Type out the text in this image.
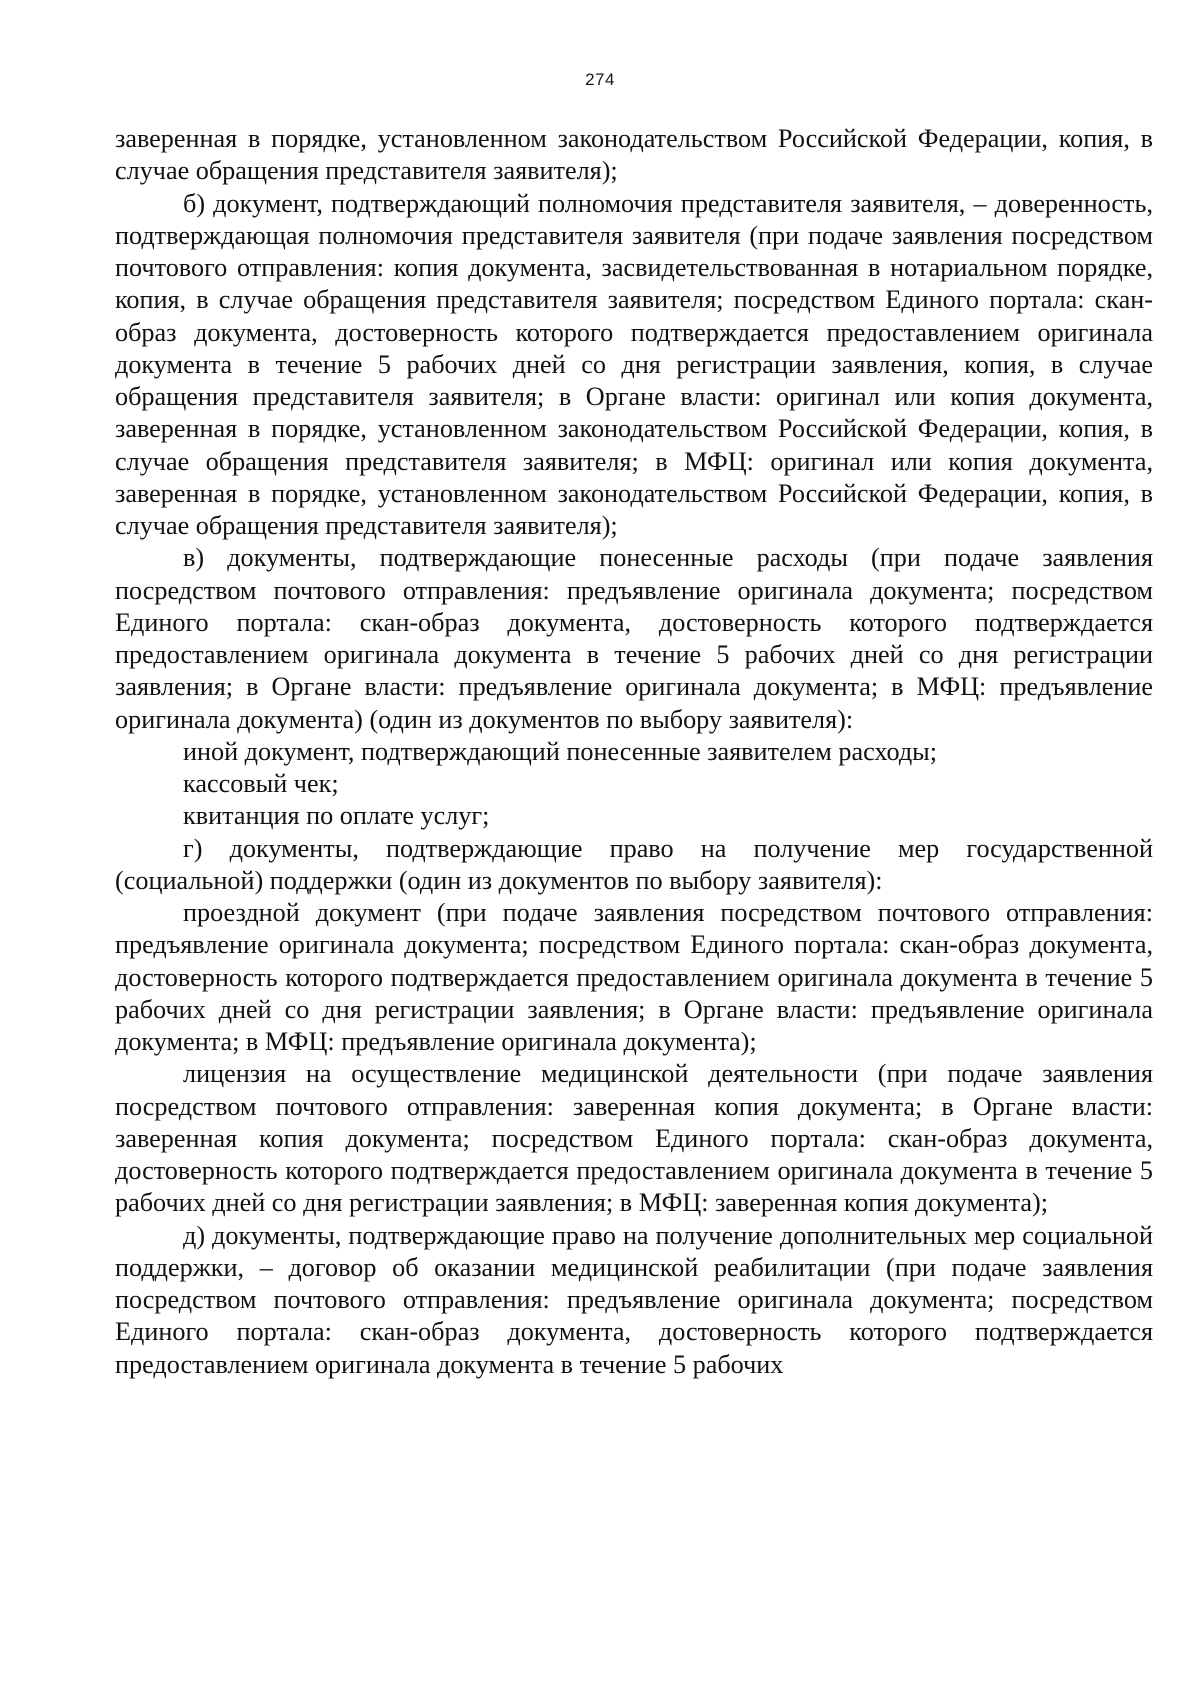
274

заверенная в порядке, установленном законодательством Российской Федерации, копия, в случае обращения представителя заявителя);

б) документ, подтверждающий полномочия представителя заявителя, – доверенность, подтверждающая полномочия представителя заявителя (при подаче заявления посредством почтового отправления: копия документа, засвидетельствованная в нотариальном порядке, копия, в случае обращения представителя заявителя; посредством Единого портала: скан-образ документа, достоверность которого подтверждается предоставлением оригинала документа в течение 5 рабочих дней со дня регистрации заявления, копия, в случае обращения представителя заявителя; в Органе власти: оригинал или копия документа, заверенная в порядке, установленном законодательством Российской Федерации, копия, в случае обращения представителя заявителя; в МФЦ: оригинал или копия документа, заверенная в порядке, установленном законодательством Российской Федерации, копия, в случае обращения представителя заявителя);

в) документы, подтверждающие понесенные расходы (при подаче заявления посредством почтового отправления: предъявление оригинала документа; посредством Единого портала: скан-образ документа, достоверность которого подтверждается предоставлением оригинала документа в течение 5 рабочих дней со дня регистрации заявления; в Органе власти: предъявление оригинала документа; в МФЦ: предъявление оригинала документа) (один из документов по выбору заявителя):

иной документ, подтверждающий понесенные заявителем расходы;

кассовый чек;

квитанция по оплате услуг;

г) документы, подтверждающие право на получение мер государственной (социальной) поддержки (один из документов по выбору заявителя):

проездной документ (при подаче заявления посредством почтового отправления: предъявление оригинала документа; посредством Единого портала: скан-образ документа, достоверность которого подтверждается предоставлением оригинала документа в течение 5 рабочих дней со дня регистрации заявления; в Органе власти: предъявление оригинала документа; в МФЦ: предъявление оригинала документа);

лицензия на осуществление медицинской деятельности (при подаче заявления посредством почтового отправления: заверенная копия документа; в Органе власти: заверенная копия документа; посредством Единого портала: скан-образ документа, достоверность которого подтверждается предоставлением оригинала документа в течение 5 рабочих дней со дня регистрации заявления; в МФЦ: заверенная копия документа);

д) документы, подтверждающие право на получение дополнительных мер социальной поддержки, – договор об оказании медицинской реабилитации (при подаче заявления посредством почтового отправления: предъявление оригинала документа; посредством Единого портала: скан-образ документа, достоверность которого подтверждается предоставлением оригинала документа в течение 5 рабочих
